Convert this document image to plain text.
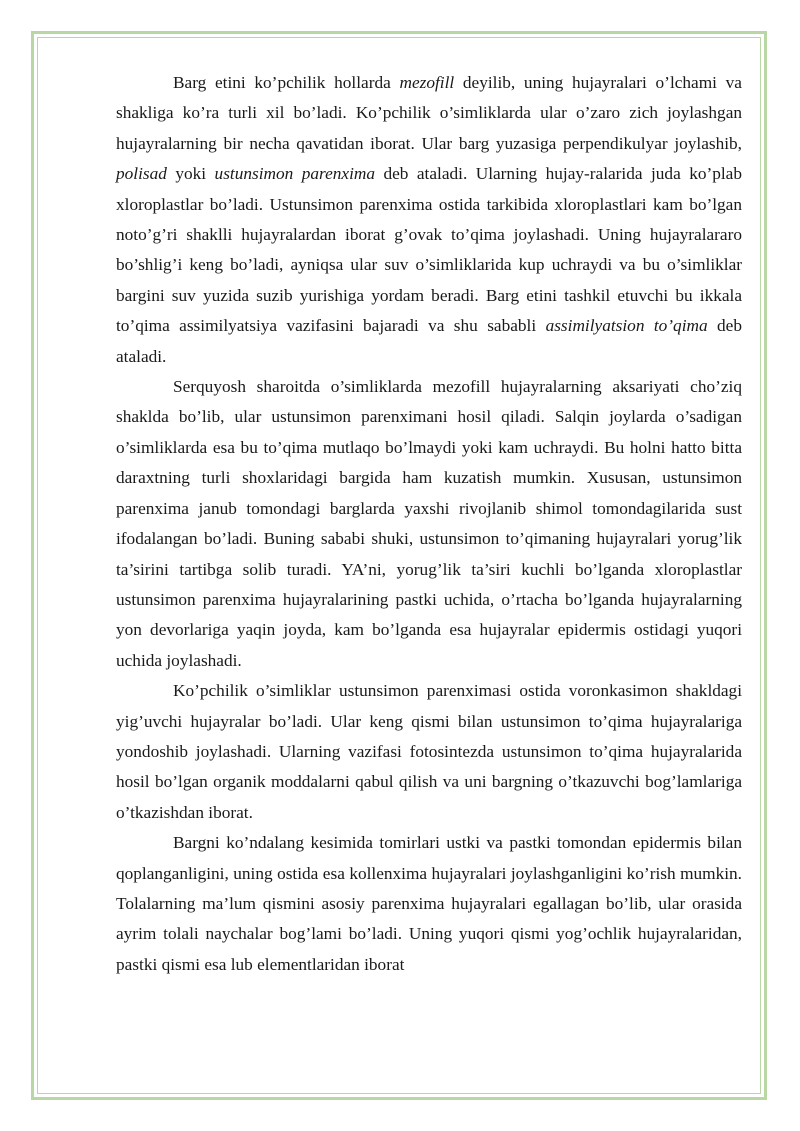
Barg etini ko’pchilik hollarda mezofill deyilib, uning hujayralari o’lchami va shakliga ko’ra turli xil bo’ladi. Ko’pchilik o’simliklarda ular o’zaro zich joylashgan hujayralarning bir necha qavatidan iborat. Ular barg yuzasiga perpendikulyar joylashib, polisad yoki ustunsimon parenxima deb ataladi. Ularning hujay-ralarida juda ko’plab xloroplastlar bo’ladi. Ustunsimon parenxima ostida tarkibida xloroplastlari kam bo’lgan noto’g’ri shaklli hujayralardan iborat g’ovak to’qima joylashadi. Uning hujayralararo bo’shlig’i keng bo’ladi, ayniqsa ular suv o’simliklarida kup uchraydi va bu o’simliklar bargini suv yuzida suzib yurishiga yordam beradi. Barg etini tashkil etuvchi bu ikkala to’qima assimilyatsiya vazifasini bajaradi va shu sababli assimilyatsion to’qima deb ataladi.

Serquyosh sharoitda o’simliklarda mezofill hujayralarning aksariyati cho’ziq shaklda bo’lib, ular ustunsimon parenximani hosil qiladi. Salqin joylarda o’sadigan o’simliklarda esa bu to’qima mutlaqo bo’lmaydi yoki kam uchraydi. Bu holni hatto bitta daraxtning turli shoxlaridagi bargida ham kuzatish mumkin. Xususan, ustunsimon parenxima janub tomondagi barglarda yaxshi rivojlanib shimol tomondagilarida sust ifodalangan bo’ladi. Buning sababi shuki, ustunsimon to’qimaning hujayralari yorug’lik ta’sirini tartibga solib turadi. YA’ni, yorug’lik ta’siri kuchli bo’lganda xloroplastlar ustunsimon parenxima hujayralarining pastki uchida, o’rtacha bo’lganda hujayralarning yon devorlariga yaqin joyda, kam bo’lganda esa hujayralar epidermis ostidagi yuqori uchida joylashadi.

Ko’pchilik o’simliklar ustunsimon parenximasi ostida voronkasimon shakldagi yig’uvchi hujayralar bo’ladi. Ular keng qismi bilan ustunsimon to’qima hujayralariga yondoshib joylashadi. Ularning vazifasi fotosintezda ustunsimon to’qima hujayralarida hosil bo’lgan organik moddalarni qabul qilish va uni bargning o’tkazuvchi bog’lamlariga o’tkazishdan iborat.

Bargni ko’ndalang kesimida tomirlari ustki va pastki tomondan epidermis bilan qoplanganligini, uning ostida esa kollenxima hujayralari joylashganligini ko’rish mumkin. Tolalarning ma’lum qismini asosiy parenxima hujayralari egallagan bo’lib, ular orasida ayrim tolali naychalar bog’lami bo’ladi. Uning yuqori qismi yog’ochlik hujayralaridan, pastki qismi esa lub elementlaridan iborat
